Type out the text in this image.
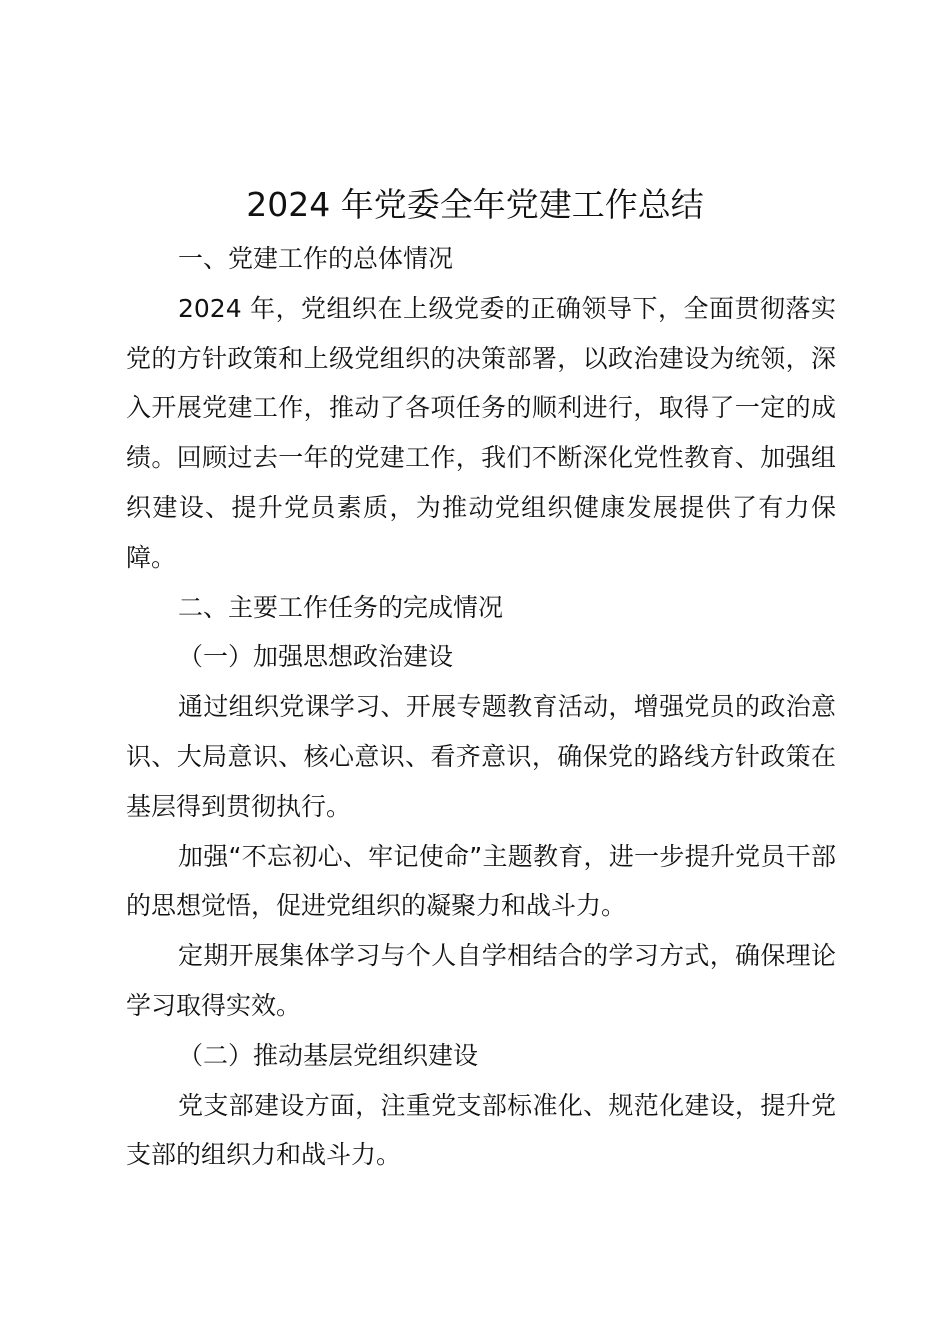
2024 年党委全年党建工作总结

一、党建工作的总体情况

2024 年，党组织在上级党委的正确领导下，全面贯彻落实党的方针政策和上级党组织的决策部署，以政治建设为统领，深入开展党建工作，推动了各项任务的顺利进行，取得了一定的成绩。回顾过去一年的党建工作，我们不断深化党性教育、加强组织建设、提升党员素质，为推动党组织健康发展提供了有力保障。

二、主要工作任务的完成情况

（一）加强思想政治建设

通过组织党课学习、开展专题教育活动，增强党员的政治意识、大局意识、核心意识、看齐意识，确保党的路线方针政策在基层得到贯彻执行。

加强“不忘初心、牢记使命”主题教育，进一步提升党员干部的思想觉悟，促进党组织的凝聚力和战斗力。

定期开展集体学习与个人自学相结合的学习方式，确保理论学习取得实效。

（二）推动基层党组织建设

党支部建设方面，注重党支部标准化、规范化建设，提升党支部的组织力和战斗力。
